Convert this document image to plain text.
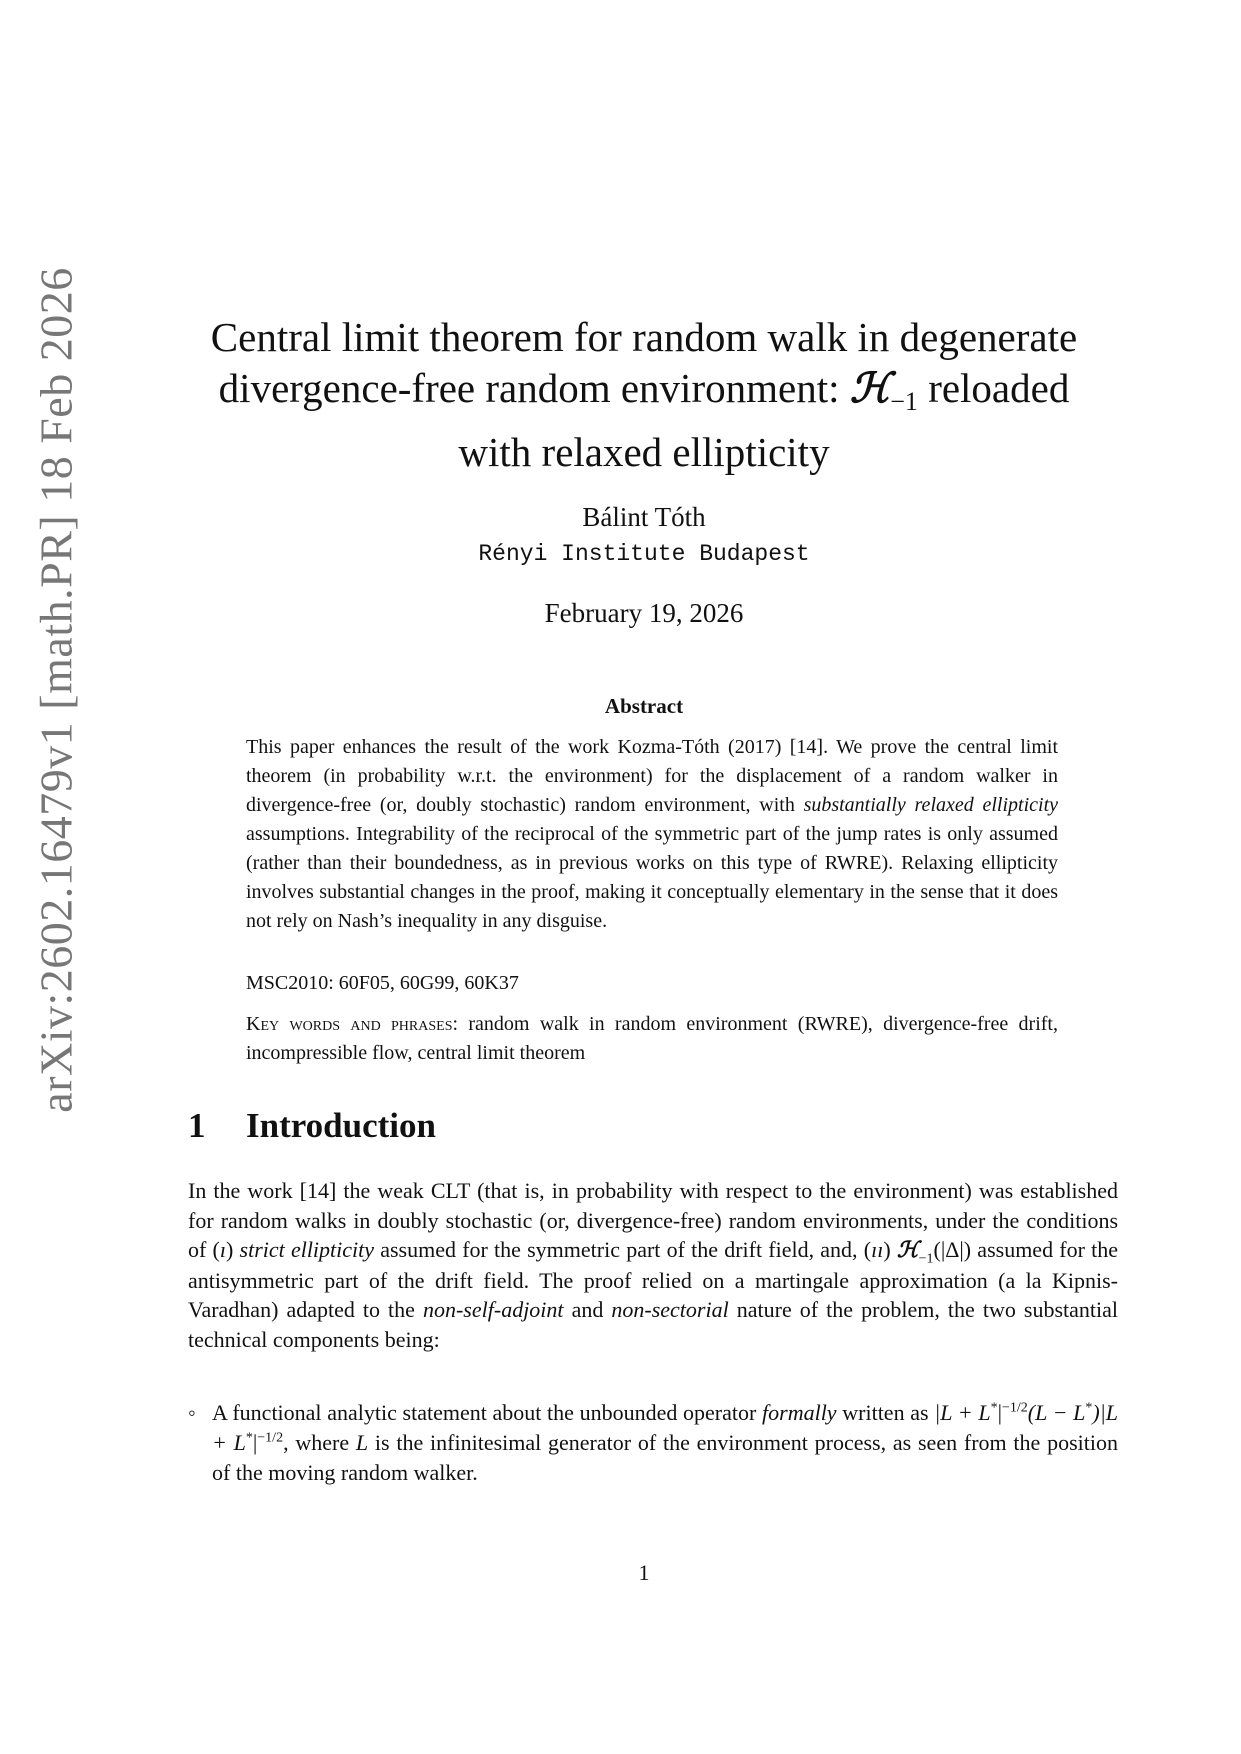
arXiv:2602.16479v1 [math.PR] 18 Feb 2026	Central limit theorem for random walk in degenerate
divergence-free random environment: ℋ−1 reloaded
with relaxed ellipticity
Bálint Tóth
Rényi Institute Budapest
February 19, 2026
Abstract

This paper enhances the result of the work Kozma-Tóth (2017) [14]. We prove the central limit theorem (in probability w.r.t. the environment) for the displacement of a random walker in divergence-free (or, doubly stochastic) random environment, with substantially relaxed ellipticity assumptions. Integrability of the reciprocal of the symmetric part of the jump rates is only assumed (rather than their boundedness, as in previous works on this type of RWRE). Relaxing ellipticity involves substantial changes in the proof, making it conceptually elementary in the sense that it does not rely on Nash’s inequality in any disguise.

MSC2010: 60F05, 60G99, 60K37

Key words and phrases: random walk in random environment (RWRE), divergence-free drift, incompressible flow, central limit theorem

1 Introduction

In the work [14] the weak CLT (that is, in probability with respect to the environment) was established for random walks in doubly stochastic (or, divergence-free) random environments, under the conditions of (ı) strict ellipticity assumed for the symmetric part of the drift field, and, (ıı) ℋ$_{-1}$(|Δ|) assumed for the antisymmetric part of the drift field. The proof relied on a martingale approximation (a la Kipnis-Varadhan) adapted to the non-self-adjoint and non-sectorial nature of the problem, the two substantial technical components being:

◦ A functional analytic statement about the unbounded operator formally written as $|L + L^*|^{-1/2}(L - L^*)|L + L^*|^{-1/2}$, where L is the infinitesimal generator of the environment process, as seen from the position of the moving random walker.
1
